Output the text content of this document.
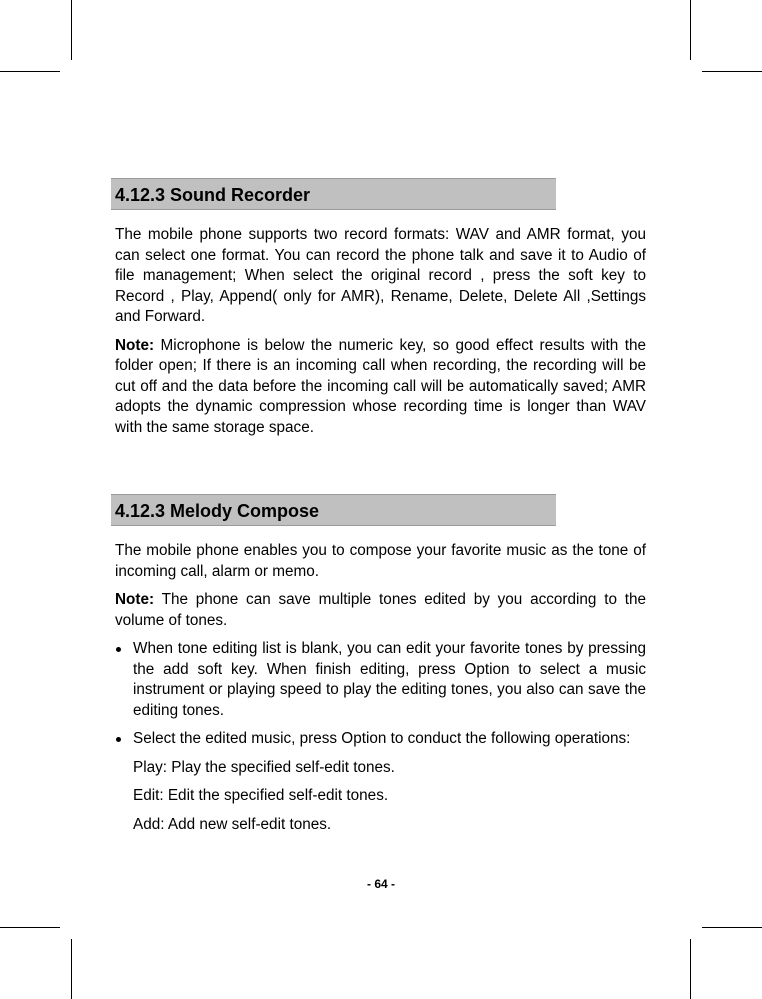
4.12.3 Sound Recorder

The mobile phone supports two record formats: WAV and AMR format, you can select one format. You can record the phone talk and save it to Audio of file management; When select the original record , press the soft key to Record , Play, Append( only for AMR), Rename, Delete, Delete All ,Settings and Forward.

Note: Microphone is below the numeric key, so good effect results with the folder open; If there is an incoming call when recording, the recording will be cut off and the data before the incoming call will be automatically saved; AMR adopts the dynamic compression whose recording time is longer than WAV with the same storage space.

4.12.3 Melody Compose

The mobile phone enables you to compose your favorite music as the tone of incoming call, alarm or memo.

Note: The phone can save multiple tones edited by you according to the volume of tones.

When tone editing list is blank, you can edit your favorite tones by pressing the add soft key. When finish editing, press Option to select a music instrument or playing speed to play the editing tones, you also can save the editing tones.

Select the edited music, press Option to conduct the following operations:

Play: Play the specified self-edit tones.

Edit: Edit the specified self-edit tones.

Add: Add new self-edit tones.

- 64 -
